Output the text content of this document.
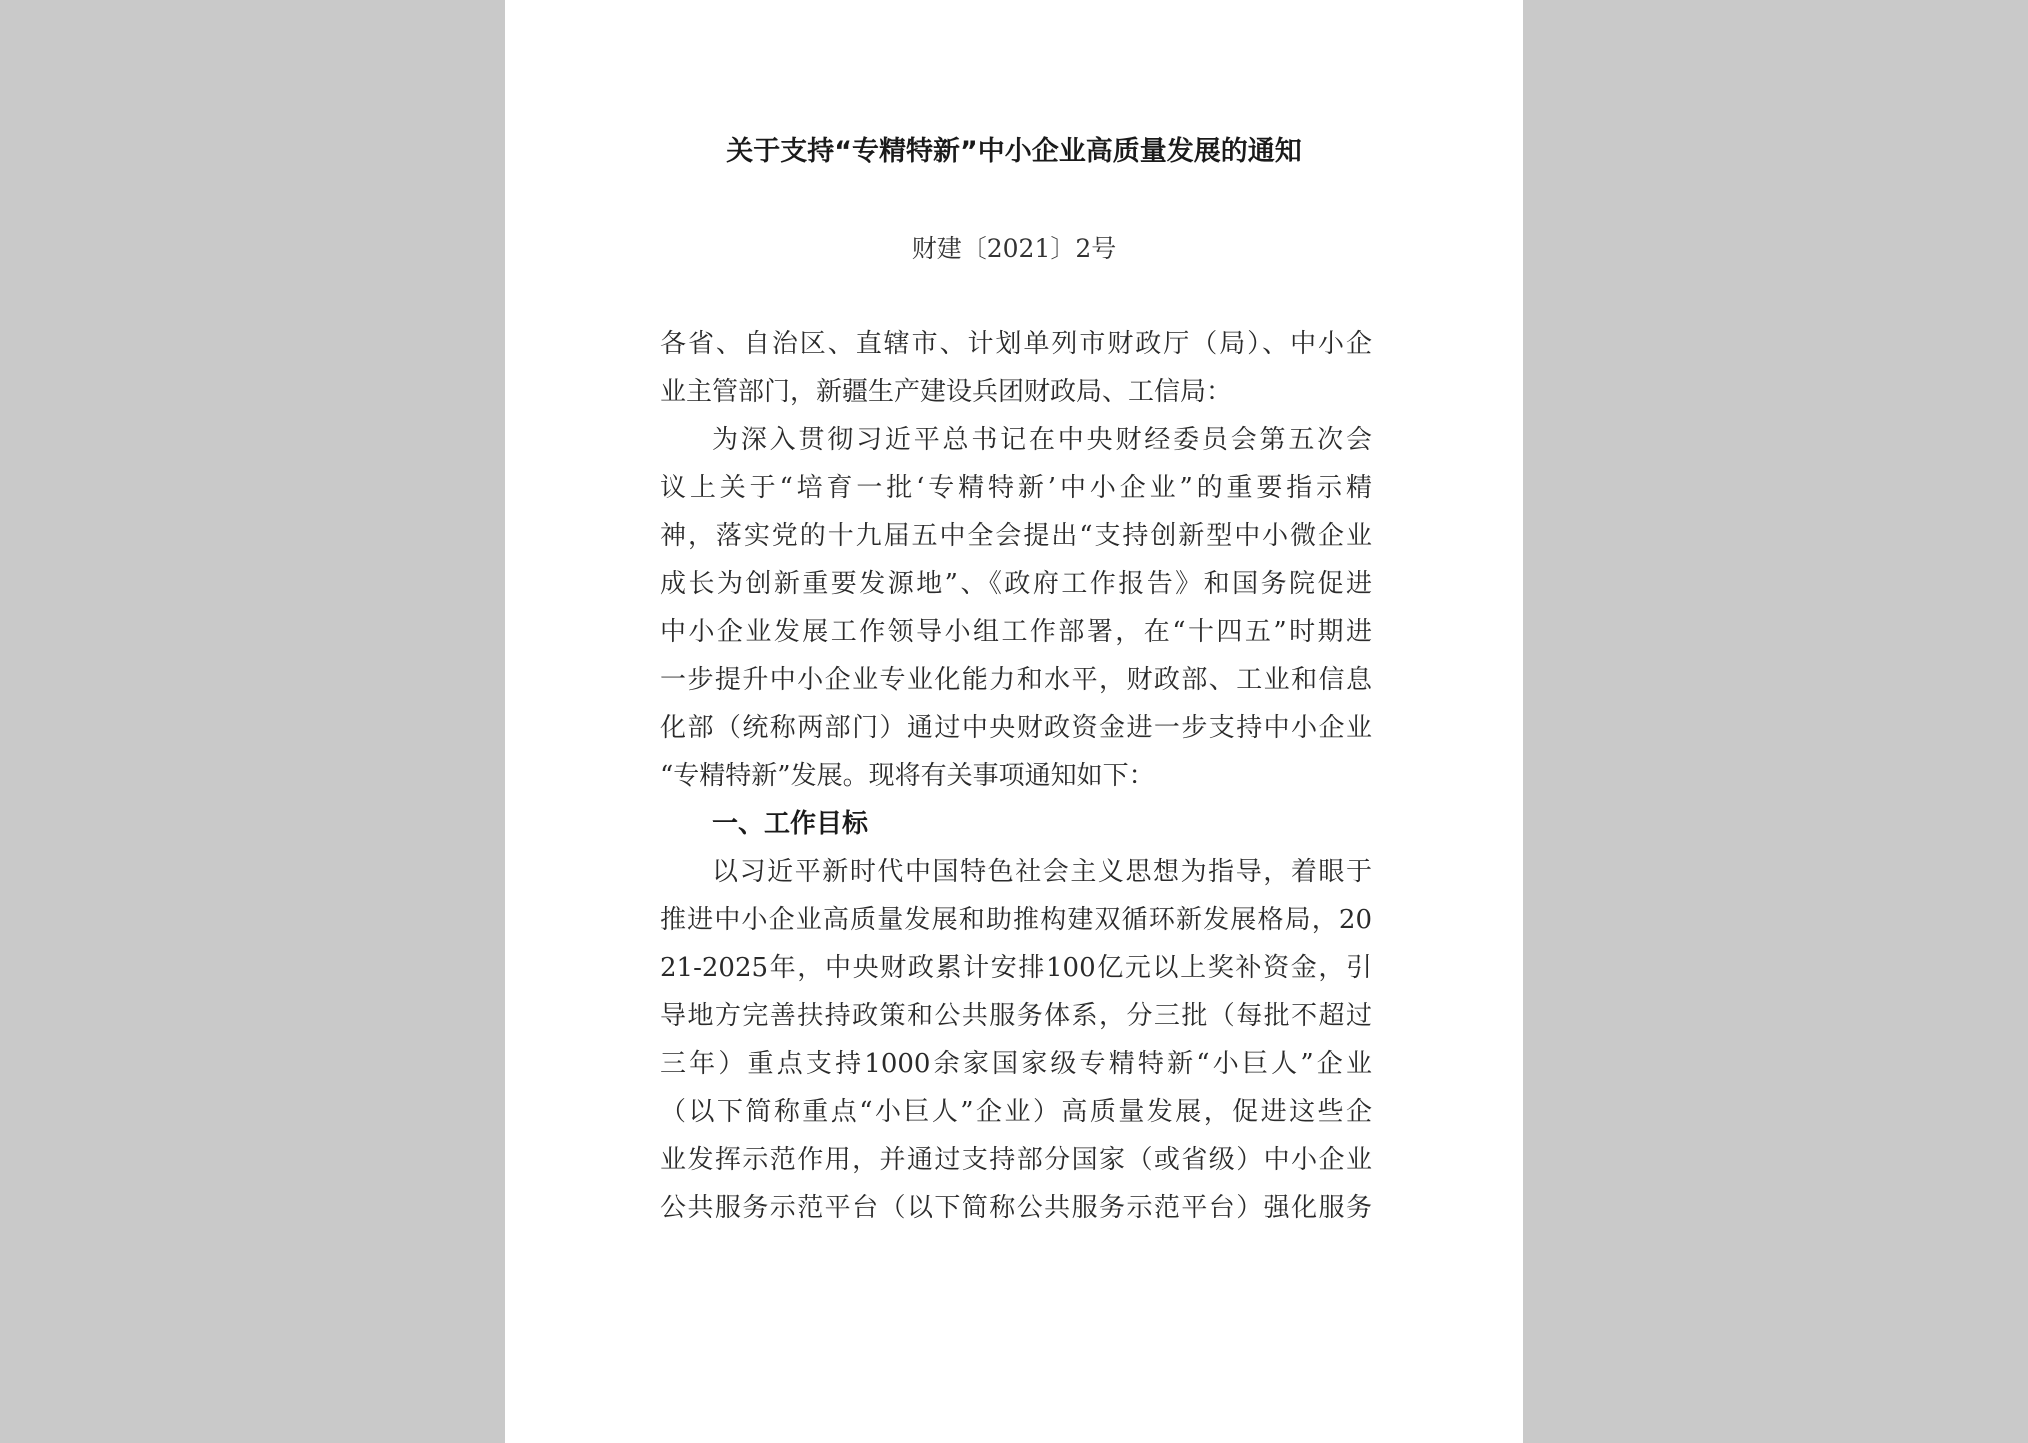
关于支持“专精特新”中小企业高质量发展的通知
财建〔2021〕2号
各省、自治区、直辖市、计划单列市财政厅（局）、中小企
业主管部门，新疆生产建设兵团财政局、工信局：
为深入贯彻习近平总书记在中央财经委员会第五次会
议上关于“培育一批‘专精特新’中小企业”的重要指示精
神，落实党的十九届五中全会提出“支持创新型中小微企业
成长为创新重要发源地”、《政府工作报告》和国务院促进
中小企业发展工作领导小组工作部署，在“十四五”时期进
一步提升中小企业专业化能力和水平，财政部、工业和信息
化部（统称两部门）通过中央财政资金进一步支持中小企业
“专精特新”发展。现将有关事项通知如下：
一、工作目标
以习近平新时代中国特色社会主义思想为指导，着眼于
推进中小企业高质量发展和助推构建双循环新发展格局，20
21-2025年，中央财政累计安排100亿元以上奖补资金，引
导地方完善扶持政策和公共服务体系，分三批（每批不超过
三年）重点支持1000余家国家级专精特新“小巨人”企业
（以下简称重点“小巨人”企业）高质量发展，促进这些企
业发挥示范作用，并通过支持部分国家（或省级）中小企业
公共服务示范平台（以下简称公共服务示范平台）强化服务
